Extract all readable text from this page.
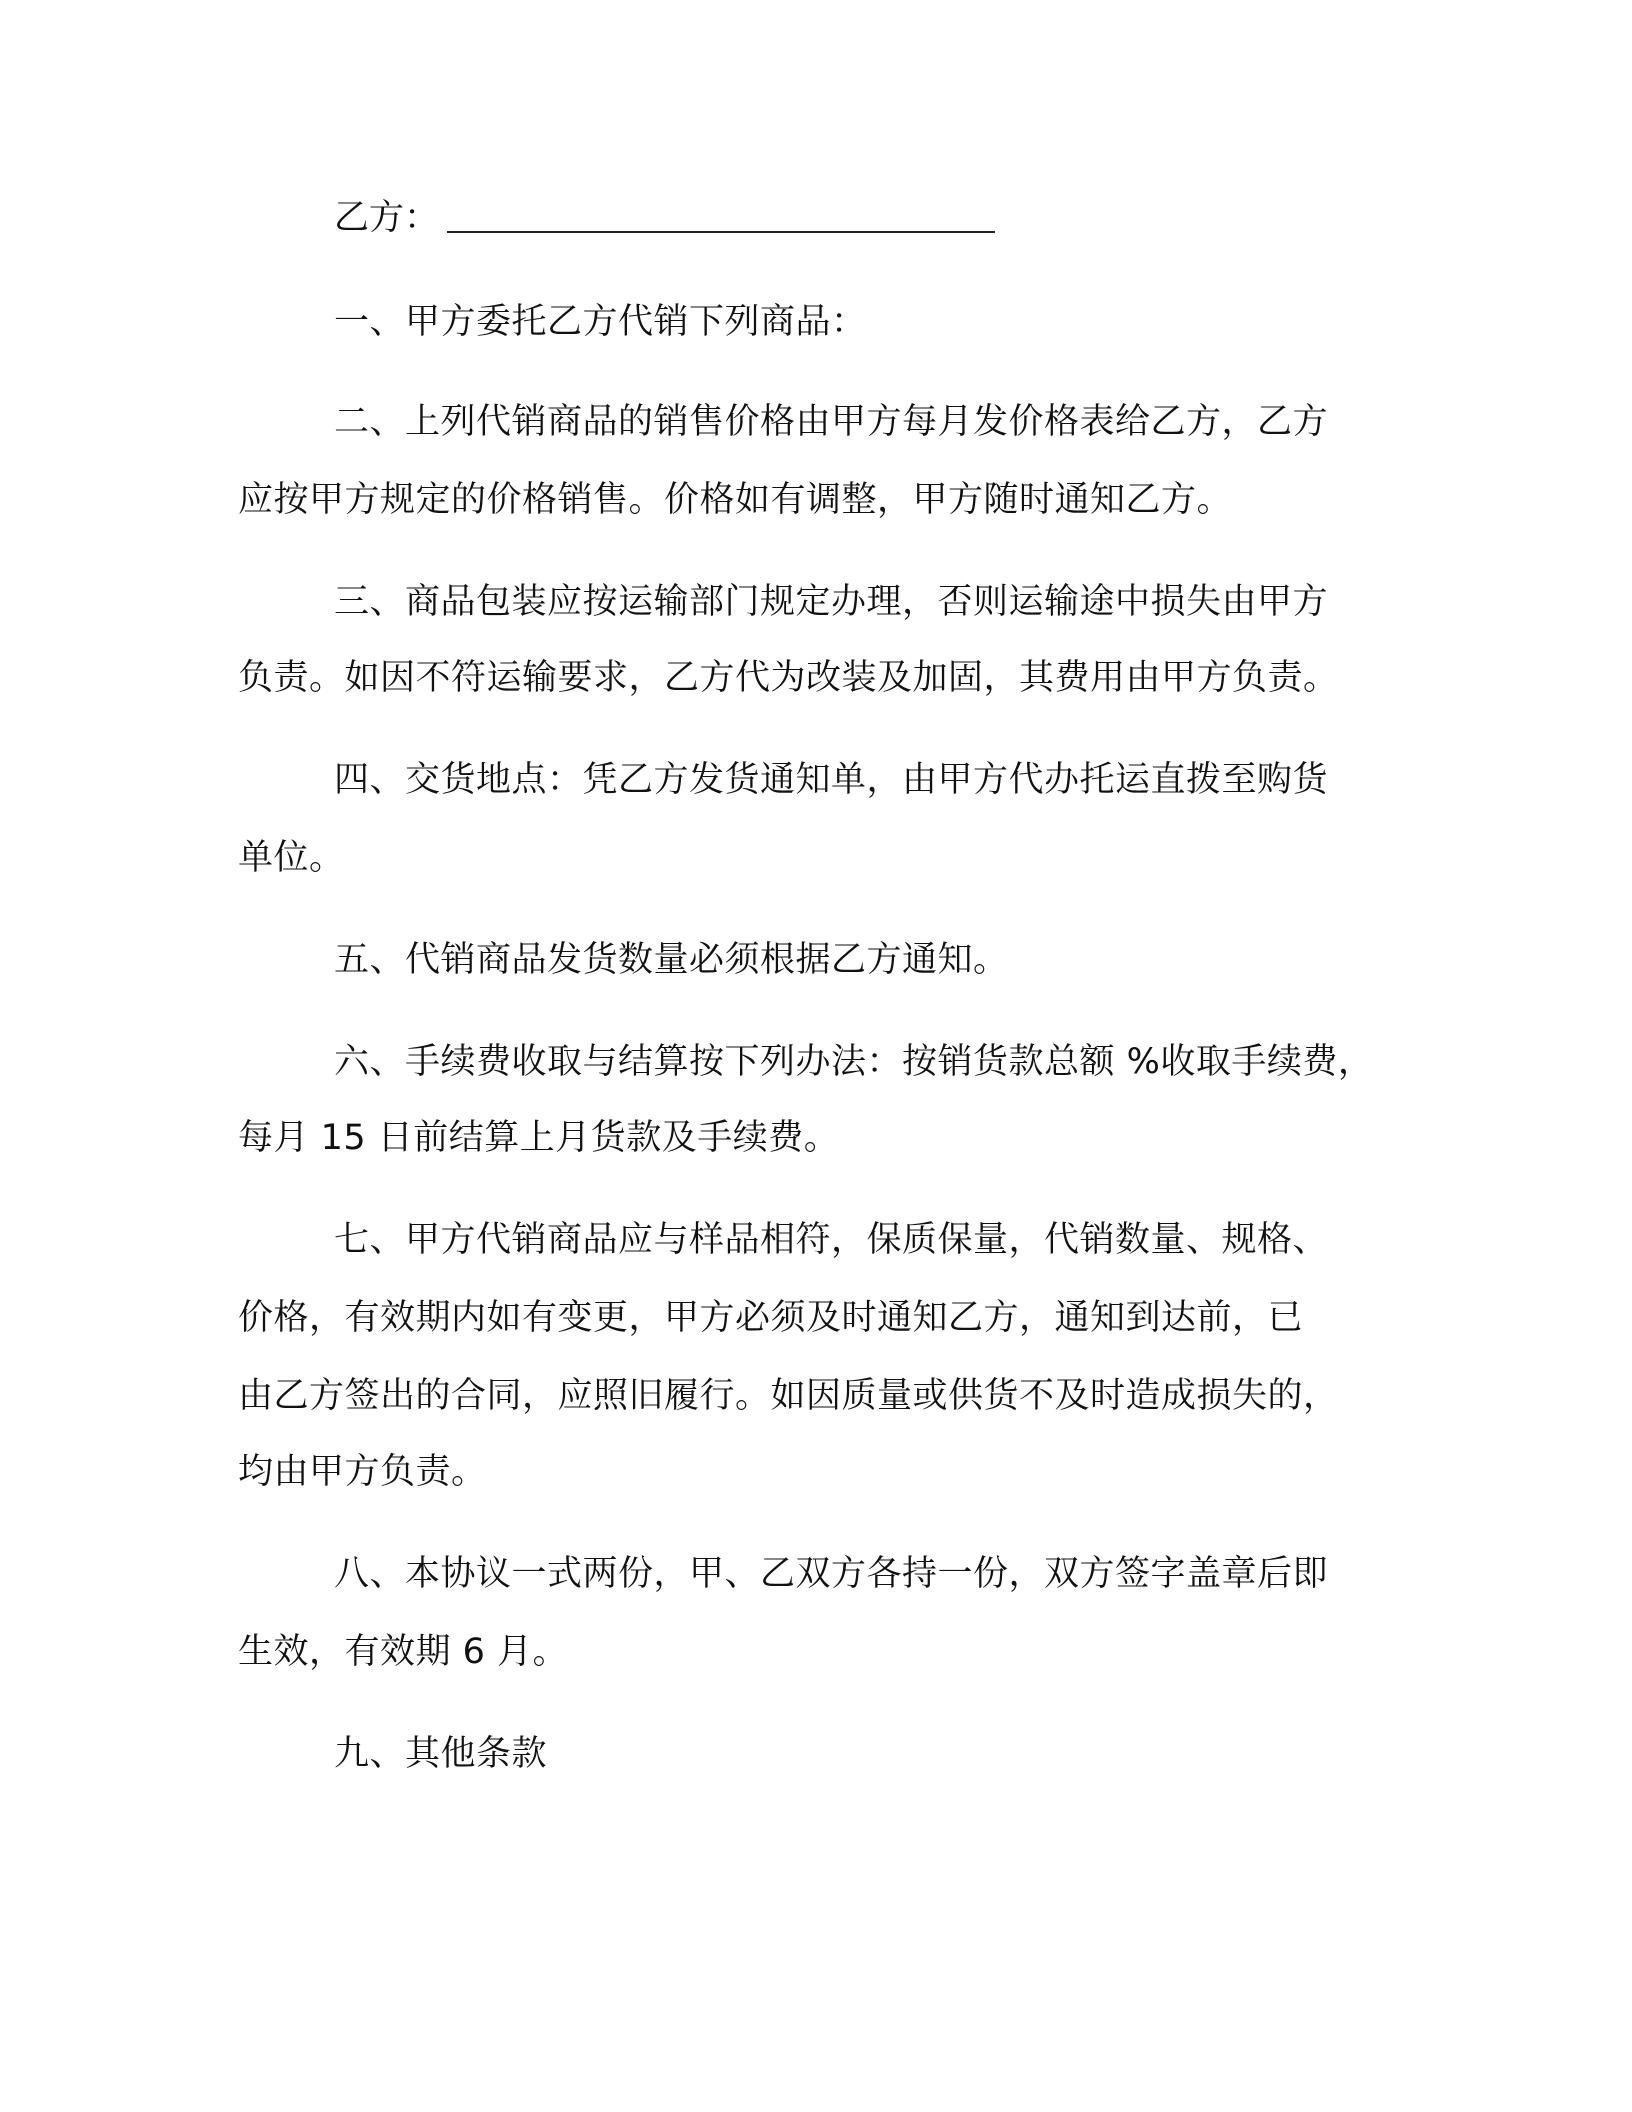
乙方：
一、甲方委托乙方代销下列商品：
二、上列代销商品的销售价格由甲方每月发价格表给乙方，乙方
应按甲方规定的价格销售。价格如有调整，甲方随时通知乙方。
三、商品包装应按运输部门规定办理，否则运输途中损失由甲方
负责。如因不符运输要求，乙方代为改装及加固，其费用由甲方负责。
四、交货地点：凭乙方发货通知单，由甲方代办托运直拨至购货
单位。
五、代销商品发货数量必须根据乙方通知。
六、手续费收取与结算按下列办法：按销货款总额 %收取手续费，
每月 15 日前结算上月货款及手续费。
七、甲方代销商品应与样品相符，保质保量，代销数量、规格、
价格，有效期内如有变更，甲方必须及时通知乙方，通知到达前，已
由乙方签出的合同，应照旧履行。如因质量或供货不及时造成损失的，
均由甲方负责。
八、本协议一式两份，甲、乙双方各持一份，双方签字盖章后即
生效，有效期 6 月。
九、其他条款
